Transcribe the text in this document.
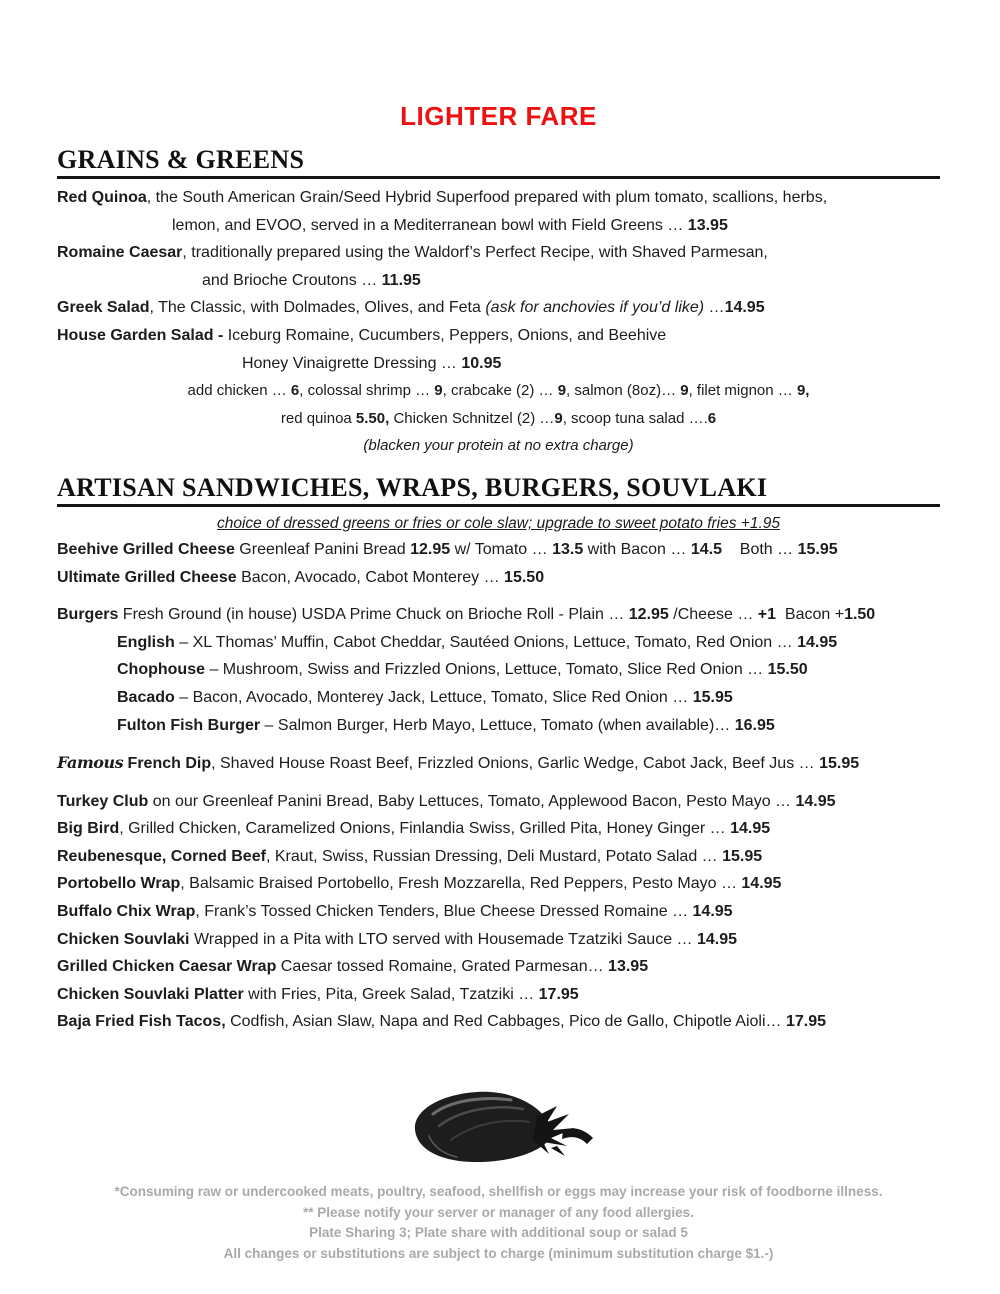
LIGHTER FARE
GRAINS & GREENS
Red Quinoa, the South American Grain/Seed Hybrid Superfood prepared with plum tomato, scallions, herbs,
lemon, and EVOO, served in a Mediterranean bowl with Field Greens … 13.95
Romaine Caesar, traditionally prepared using the Waldorf’s Perfect Recipe, with Shaved Parmesan,
and Brioche Croutons … 11.95
Greek Salad, The Classic, with Dolmades, Olives, and Feta (ask for anchovies if you’d like) …14.95
House Garden Salad - Iceburg Romaine, Cucumbers, Peppers, Onions, and Beehive
Honey Vinaigrette Dressing … 10.95
add chicken … 6, colossal shrimp … 9, crabcake (2) … 9, salmon (8oz)… 9, filet mignon … 9,
red quinoa 5.50, Chicken Schnitzel (2) …9, scoop tuna salad ….6
(blacken your protein at no extra charge)
ARTISAN SANDWICHES, WRAPS, BURGERS, SOUVLAKI
choice of dressed greens or fries or cole slaw; upgrade to sweet potato fries +1.95
Beehive Grilled Cheese Greenleaf Panini Bread 12.95 w/ Tomato … 13.5 with Bacon … 14.5    Both … 15.95
Ultimate Grilled Cheese Bacon, Avocado, Cabot Monterey … 15.50
Burgers Fresh Ground (in house) USDA Prime Chuck on Brioche Roll - Plain … 12.95 /Cheese … +1  Bacon +1.50
English – XL Thomas’ Muffin, Cabot Cheddar, Sautéed Onions, Lettuce, Tomato, Red Onion … 14.95
Chophouse – Mushroom, Swiss and Frizzled Onions, Lettuce, Tomato, Slice Red Onion … 15.50
Bacado – Bacon, Avocado, Monterey Jack, Lettuce, Tomato, Slice Red Onion … 15.95
Fulton Fish Burger – Salmon Burger, Herb Mayo, Lettuce, Tomato (when available)… 16.95
Famous French Dip, Shaved House Roast Beef, Frizzled Onions, Garlic Wedge, Cabot Jack, Beef Jus … 15.95
Turkey Club on our Greenleaf Panini Bread, Baby Lettuces, Tomato, Applewood Bacon, Pesto Mayo … 14.95
Big Bird, Grilled Chicken, Caramelized Onions, Finlandia Swiss, Grilled Pita, Honey Ginger … 14.95
Reubenesque, Corned Beef, Kraut, Swiss, Russian Dressing, Deli Mustard, Potato Salad … 15.95
Portobello Wrap, Balsamic Braised Portobello, Fresh Mozzarella, Red Peppers, Pesto Mayo … 14.95
Buffalo Chix Wrap, Frank’s Tossed Chicken Tenders, Blue Cheese Dressed Romaine … 14.95
Chicken Souvlaki Wrapped in a Pita with LTO served with Housemade Tzatziki Sauce … 14.95
Grilled Chicken Caesar Wrap Caesar tossed Romaine, Grated Parmesan… 13.95
Chicken Souvlaki Platter with Fries, Pita, Greek Salad, Tzatziki … 17.95
Baja Fried Fish Tacos, Codfish, Asian Slaw, Napa and Red Cabbages, Pico de Gallo, Chipotle Aioli… 17.95
*Consuming raw or undercooked meats, poultry, seafood, shellfish or eggs may increase your risk of foodborne illness.
** Please notify your server or manager of any food allergies.
Plate Sharing 3; Plate share with additional soup or salad 5
All changes or substitutions are subject to charge (minimum substitution charge $1.-)
